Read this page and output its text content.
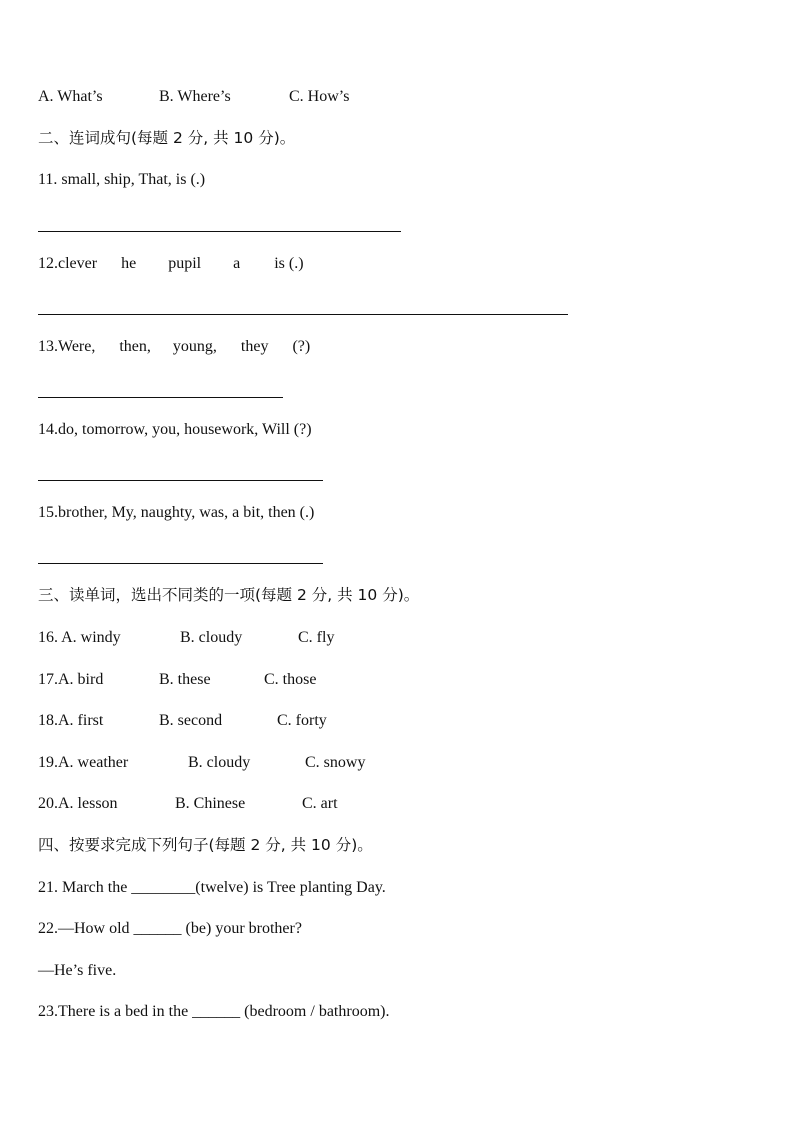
A. What’s	B. Where’s	C. How’s
二、连词成句(每题 2 分, 共 10 分)。
11. small, ship, That, is (.)
12.clever he pupil a is (.)
13.Were, then, young, they (?)
14.do, tomorrow, you, housework, Will (?)
15.brother, My, naughty, was, a bit, then (.)
三、读单词，选出不同类的一项(每题 2 分, 共 10 分)。
16. A. windy	B. cloudy	C. fly
17.A. bird	B. these	C. those
18.A. first	B. second	C. forty
19.A. weather	B. cloudy	C. snowy
20.A. lesson	B. Chinese	C. art
四、按要求完成下列句子(每题 2 分, 共 10 分)。
21. March the ________(twelve) is Tree planting Day.
22.—How old ______ (be) your brother?
—He’s five.
23.There is a bed in the ______ (bedroom / bathroom).
